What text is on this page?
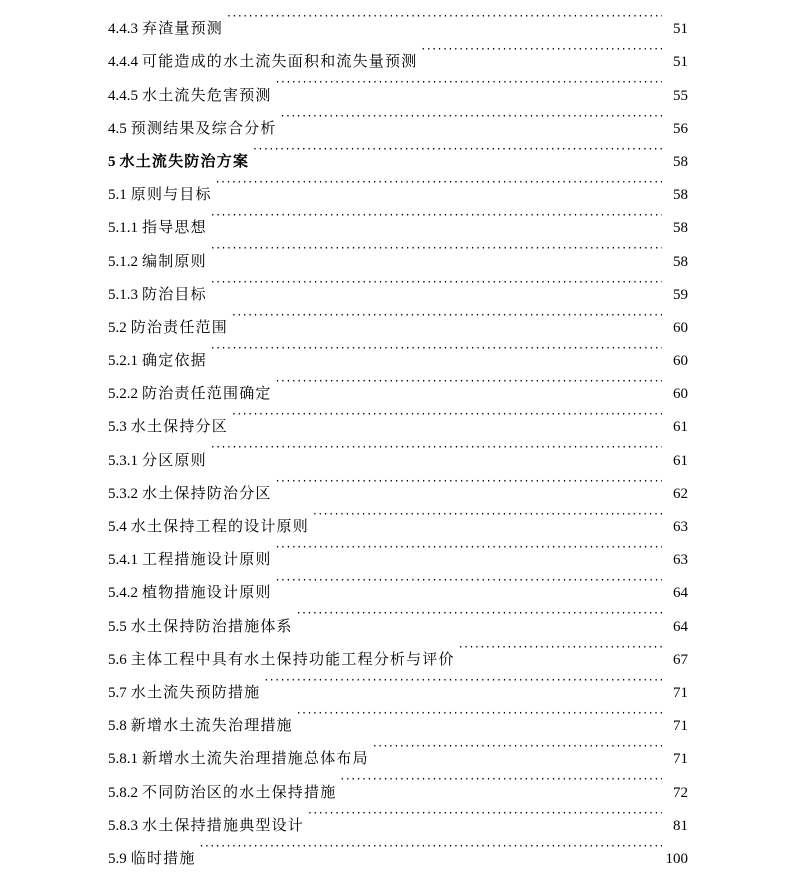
4.4.3 弃渣量预测 ·····	51
4.4.4 可能造成的水土流失面积和流失量预测 ·····	51
4.4.5 水土流失危害预测 ·····	55
4.5 预测结果及综合分析 ·····	56
5 水土流失防治方案 ·····	58
5.1 原则与目标 ·····	58
5.1.1 指导思想 ·····	58
5.1.2 编制原则 ·····	58
5.1.3 防治目标 ·····	59
5.2 防治责任范围 ·····	60
5.2.1 确定依据 ·····	60
5.2.2 防治责任范围确定 ·····	60
5.3 水土保持分区 ·····	61
5.3.1 分区原则 ·····	61
5.3.2 水土保持防治分区 ·····	62
5.4 水土保持工程的设计原则 ·····	63
5.4.1 工程措施设计原则 ·····	63
5.4.2 植物措施设计原则 ·····	64
5.5 水土保持防治措施体系 ·····	64
5.6 主体工程中具有水土保持功能工程分析与评价 ·····	67
5.7 水土流失预防措施 ·····	71
5.8 新增水土流失治理措施 ·····	71
5.8.1 新增水土流失治理措施总体布局 ·····	71
5.8.2 不同防治区的水土保持措施 ·····	72
5.8.3 水土保持措施典型设计 ·····	81
5.9 临时措施 ·····	100
